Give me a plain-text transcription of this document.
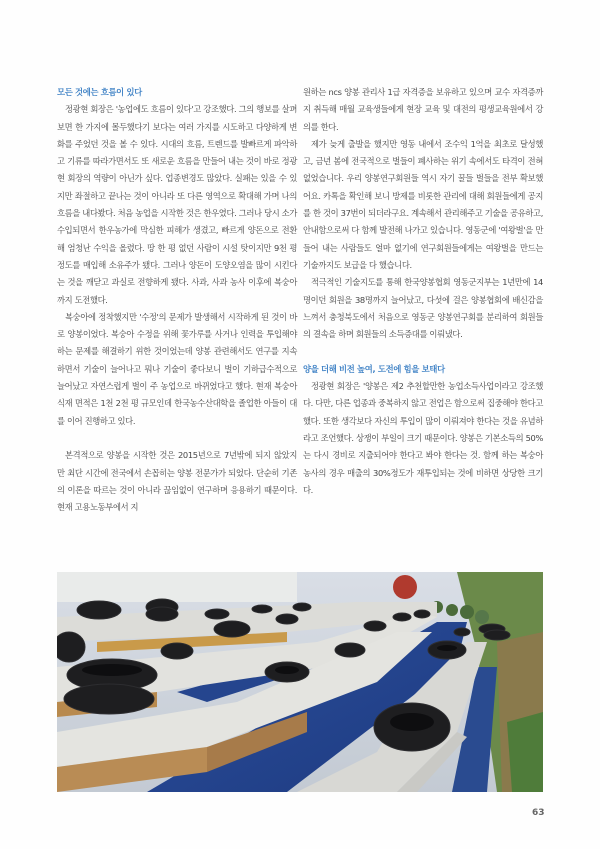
모든 것에는 흐름이 있다

정광현 회장은 '농업에도 흐름이 있다'고 강조했다. 그의 행보를 살펴보면 한 가지에 몰두했다기 보다는 여러 가지를 시도하고 다양하게 변화를 주었던 것을 볼 수 있다. 시대의 흐름, 트렌드를 발빠르게 파악하고 기류를 따라가면서도 또 새로운 흐름을 만들어 내는 것이 바로 정광현 회장의 역량이 아닌가 싶다. 업종변경도 많았다. 실패는 있을 수 있지만 좌절하고 끝나는 것이 아니라 또 다른 영역으로 확대해 가며 나의 흐름을 내다봤다. 처음 농업을 시작한 것은 한우였다. 그러나 당시 소가 수입되면서 한우농가에 막심한 피해가 생겼고, 빠르게 양돈으로 전환해 엄청난 수익을 올렸다. 땅 한 평 없던 사람이 시설 탓이지만 9천 평 정도를 매입해 소유주가 됐다. 그러나 양돈이 도양오염을 많이 시킨다는 것을 깨닫고 과실로 전향하게 됐다. 사과, 사과 농사 이후에 복숭아까지 도전했다.

복숭아에 정착했지만 '수정'의 문제가 발생해서 시작하게 된 것이 바로 양봉이었다. 복숭아 수정을 위해 꽃가루를 사거나 인력을 투입해야 하는 문제를 해결하기 위한 것이었는데 양봉 관련해서도 연구를 지속하면서 기술이 늘어나고 뭐나 기술이 좋다보니 벌이 기하급수적으로 늘어났고 자연스럽게 벌이 주 농업으로 바뀌었다고 했다. 현재 복숭아 식재 면적은 1천 2천 평 규모인데 한국농수산대학을 졸업한 아들이 대를 이어 진행하고 있다.

본격적으로 양봉을 시작한 것은 2015년으로 7년밖에 되지 않았지만 최단 시간에 전국에서 손꼽히는 양봉 전문가가 되었다. 단순히 기존의 이론을 따르는 것이 아니라 끊임없이 연구하며 응용하기 때문이다. 현재 고용노동부에서 지

원하는 ncs 양봉 관리사 1급 자격증을 보유하고 있으며 교수 자격증까지 취득해 매월 교육생들에게 현장 교육 및 대전의 평생교육원에서 강의를 한다.

제가 늦게 출발을 했지만 영동 내에서 조수익 1억을 최초로 달성했고, 금년 봄에 전국적으로 벌들이 폐사하는 위기 속에서도 타격이 전혀 없었습니다. 우리 양봉연구회원들 역시 자기 꿀들 벌들을 전부 확보했어요. 카톡을 확인해 보니 방제를 비롯한 관리에 대해 회원들에게 공지를 한 것이 37번이 되더라구요. 계속해서 관리해주고 기술을 공유하고, 안내함으로써 다 함께 발전해 나가고 있습니다. 영동군에 '여왕벌'을 만들어 내는 사람들도 얼마 없기에 연구회원들에게는 여왕벌을 만드는 기술까지도 보급을 다 했습니다.

적극적인 기술지도를 통해 한국양봉협회 영동군지부는 1년만에 14명이던 회원을 38명까지 늘어났고, 다섯에 걸은 양봉협회에 배신감을 느껴서 충청북도에서 처음으로 영동군 양봉연구회를 분리하여 회원들의 결속을 하며 회원들의 소득증대를 이뤄냈다.

양을 더해 비전 높여, 도전에 힘을 보태다

정광현 회장은 '양봉은 제2 추천할만한 농업소득사업이라고 강조했다. 다만, 다른 업종과 중복하지 않고 전업은 함으로써 집중해야 한다고 했다. 또한 생각보다 자신의 투입이 많이 이뤄져야 한다는 것을 유념하라고 조언했다. 상쟁이 부일이 크기 때문이다. 양봉은 기본소득의 50%는 다시 경비로 지출되어야 한다고 봐야 한다는 것. 함께 하는 복숭아 농사의 경우 매출의 30%정도가 재투입되는 것에 비하면 상당한 크기다.

63
